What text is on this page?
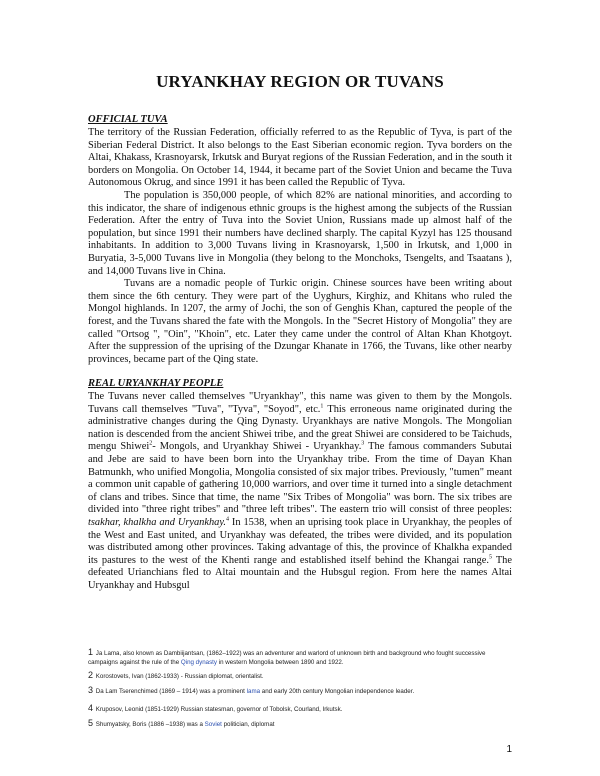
URYANKHAY REGION OR TUVANS

OFFICIAL TUVA

The territory of the Russian Federation, officially referred to as the Republic of Tyva, is part of the Siberian Federal District. It also belongs to the East Siberian economic region. Tyva borders on the Altai, Khakass, Krasnoyarsk, Irkutsk and Buryat regions of the Russian Federation, and in the south it borders on Mongolia. On October 14, 1944, it became part of the Soviet Union and became the Tuva Autonomous Okrug, and since 1991 it has been called the Republic of Tyva.

The population is 350,000 people, of which 82% are national minorities, and according to this indicator, the share of indigenous ethnic groups is the highest among the subjects of the Russian Federation. After the entry of Tuva into the Soviet Union, Russians made up almost half of the population, but since 1991 their numbers have declined sharply. The capital Kyzyl has 125 thousand inhabitants. In addition to 3,000 Tuvans living in Krasnoyarsk, 1,500 in Irkutsk, and 1,000 in Buryatia, 3-5,000 Tuvans live in Mongolia (they belong to the Monchoks, Tsengelts, and Tsaatans ), and 14,000 Tuvans live in China.

Tuvans are a nomadic people of Turkic origin. Chinese sources have been writing about them since the 6th century. They were part of the Uyghurs, Kirghiz, and Khitans who ruled the Mongol highlands. In 1207, the army of Jochi, the son of Genghis Khan, captured the people of the forest, and the Tuvans shared the fate with the Mongols. In the "Secret History of Mongolia" they are called "Ortsog ", "Oin", "Khoin", etc. Later they came under the control of Altan Khan Khotgoyt. After the suppression of the uprising of the Dzungar Khanate in 1766, the Tuvans, like other nearby provinces, became part of the Qing state.

REAL URYANKHAY PEOPLE

The Tuvans never called themselves "Uryankhay", this name was given to them by the Mongols. Tuvans call themselves "Tuva", "Tyva", "Soyod", etc.$^1$ This erroneous name originated during the administrative changes during the Qing Dynasty. Uryankhays are native Mongols. The Mongolian nation is descended from the ancient Shiwei tribe, and the great Shiwei are considered to be Taichuds, mengu Shiwei$^2$- Mongols, and Uryankhay Shiwei - Uryankhay.$^3$ The famous commanders Subutai and Jebe are said to have been born into the Uryankhay tribe. From the time of Dayan Khan Batmunkh, who unified Mongolia, Mongolia consisted of six major tribes. Previously, "tumen" meant a common unit capable of gathering 10,000 warriors, and over time it turned into a single detachment of clans and tribes. Since that time, the name "Six Tribes of Mongolia" was born. The six tribes are divided into "three right tribes" and "three left tribes". The eastern trio will consist of three peoples: tsakhar, khalkha and Uryankhay.$^4$ In 1538, when an uprising took place in Uryankhay, the peoples of the West and East united, and Uryankhay was defeated, the tribes were divided, and its population was distributed among other provinces. Taking advantage of this, the province of Khalkha expanded its pastures to the west of the Khenti range and established itself behind the Khangai range.$^5$ The defeated Urianchians fled to Altai mountain and the Hubsgul region. From here the names Altai Uryankhay and Hubsgul

1 Ja Lama, also known as Dambiijantsan, (1862–1922) was an adventurer and warlord of unknown birth and background who fought successive campaigns against the rule of the Qing dynasty in western Mongolia between 1890 and 1922.

2 Korostovets, Ivan (1862-1933) - Russian diplomat, orientalist.

3 Da Lam Tserenchimed (1869 – 1914) was a prominent lama and early 20th century Mongolian independence leader.

4 Kruposov, Leonid (1851-1929) Russian statesman, governor of Tobolsk, Courland, Irkutsk.

5 Shumyatsky, Boris (1886 –1938) was a Soviet politician, diplomat

1
